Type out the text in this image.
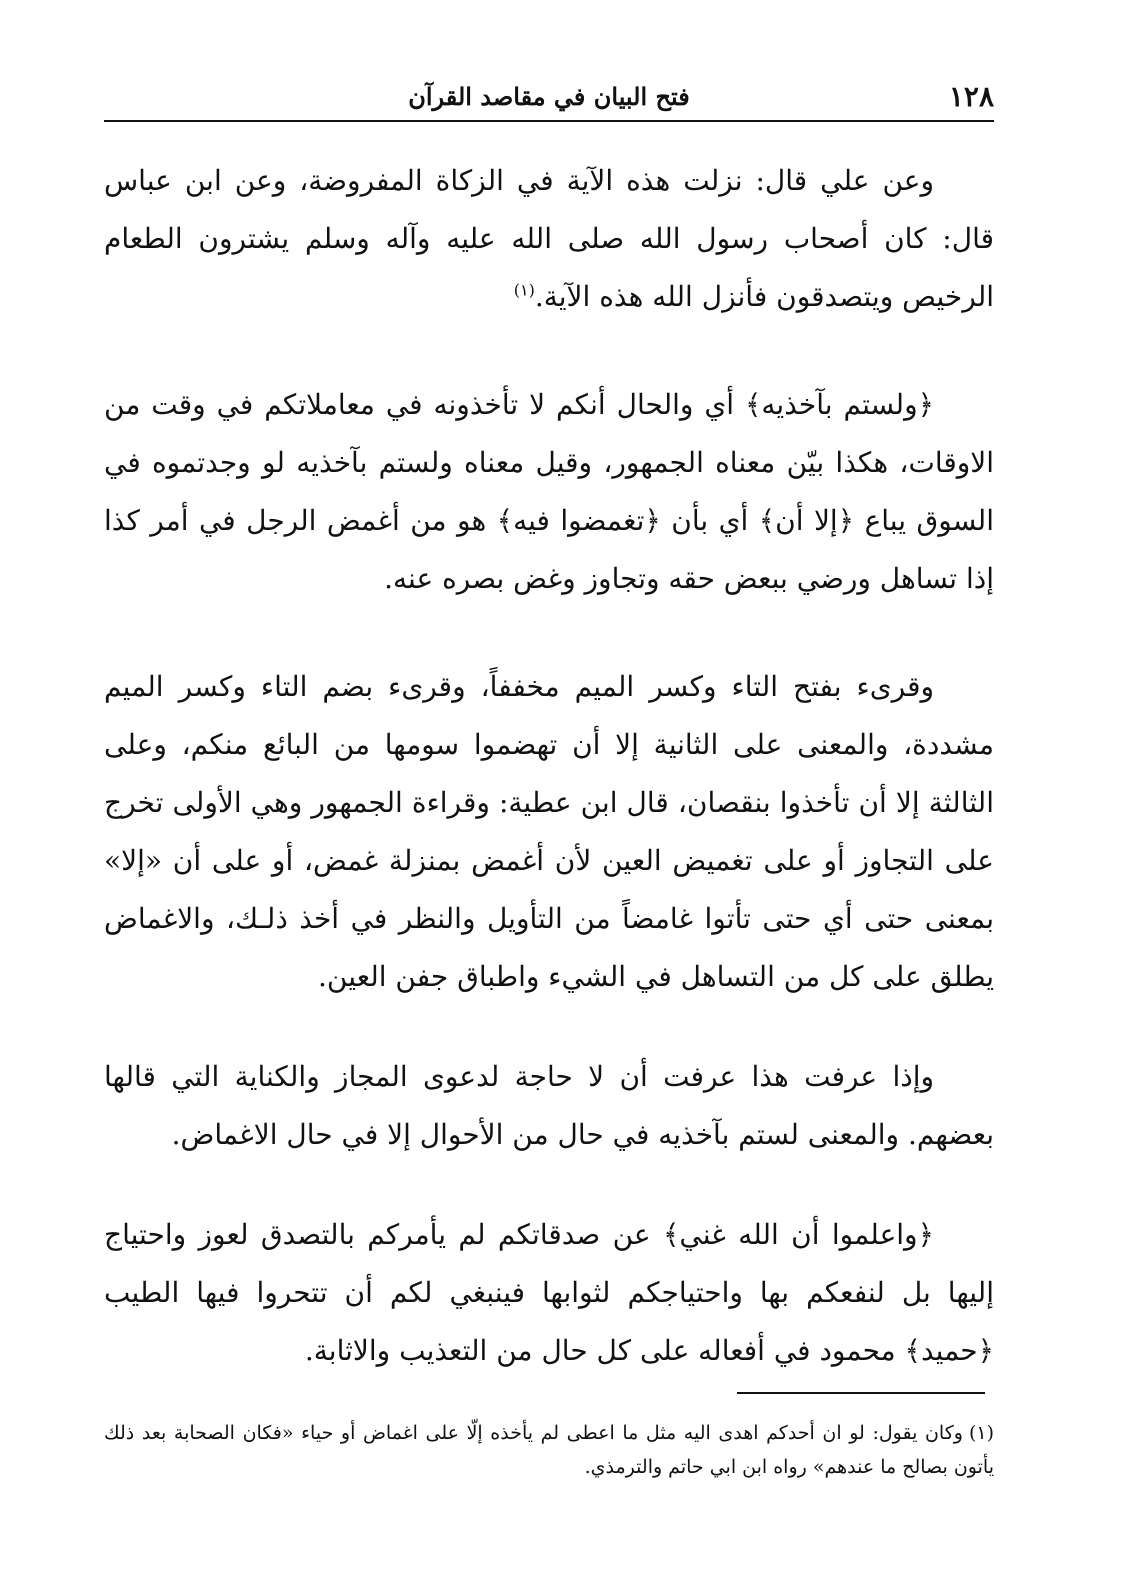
١٢٨
فتح البيان في مقاصد القرآن

وعن علي قال: نزلت هذه الآية في الزكاة المفروضة، وعن ابن عباس قال: كان أصحاب رسول الله صلى الله عليه وآله وسلم يشترون الطعام الرخيص ويتصدقون فأنزل الله هذه الآية.$^{(١)}$

﴿ولستم بآخذيه﴾ أي والحال أنكم لا تأخذونه في معاملاتكم في وقت من الاوقات، هكذا بيّن معناه الجمهور، وقيل معناه ولستم بآخذيه لو وجدتموه في السوق يباع ﴿إلا أن﴾ أي بأن ﴿تغمضوا فيه﴾ هو من أغمض الرجل في أمر كذا إذا تساهل ورضي ببعض حقه وتجاوز وغض بصره عنه.

وقرىء بفتح التاء وكسر الميم مخففاً، وقرىء بضم التاء وكسر الميم مشددة، والمعنى على الثانية إلا أن تهضموا سومها من البائع منكم، وعلى الثالثة إلا أن تأخذوا بنقصان، قال ابن عطية: وقراءة الجمهور وهي الأولى تخرج على التجاوز أو على تغميض العين لأن أغمض بمنزلة غمض، أو على أن «إلا» بمعنى حتى أي حتى تأتوا غامضاً من التأويل والنظر في أخذ ذلـك، والاغماض يطلق على كل من التساهل في الشيء واطباق جفن العين.

وإذا عرفت هذا عرفت أن لا حاجة لدعوى المجاز والكناية التي قالها بعضهم. والمعنى لستم بآخذيه في حال من الأحوال إلا في حال الاغماض.

﴿واعلموا أن الله غني﴾ عن صدقاتكم لم يأمركم بالتصدق لعوز واحتياج إليها بل لنفعكم بها واحتياجكم لثوابها فينبغي لكم أن تتحروا فيها الطيب ﴿حميد﴾ محمود في أفعاله على كل حال من التعذيب والاثابة.

(١)وكان يقول: لو ان أحدكم اهدى اليه مثل ما اعطى لم يأخذه إلّا على اغماض أو حياء «فكان الصحابة بعد ذلك يأتون بصالح ما عندهم» رواه ابن ابي حاتم والترمذي.
